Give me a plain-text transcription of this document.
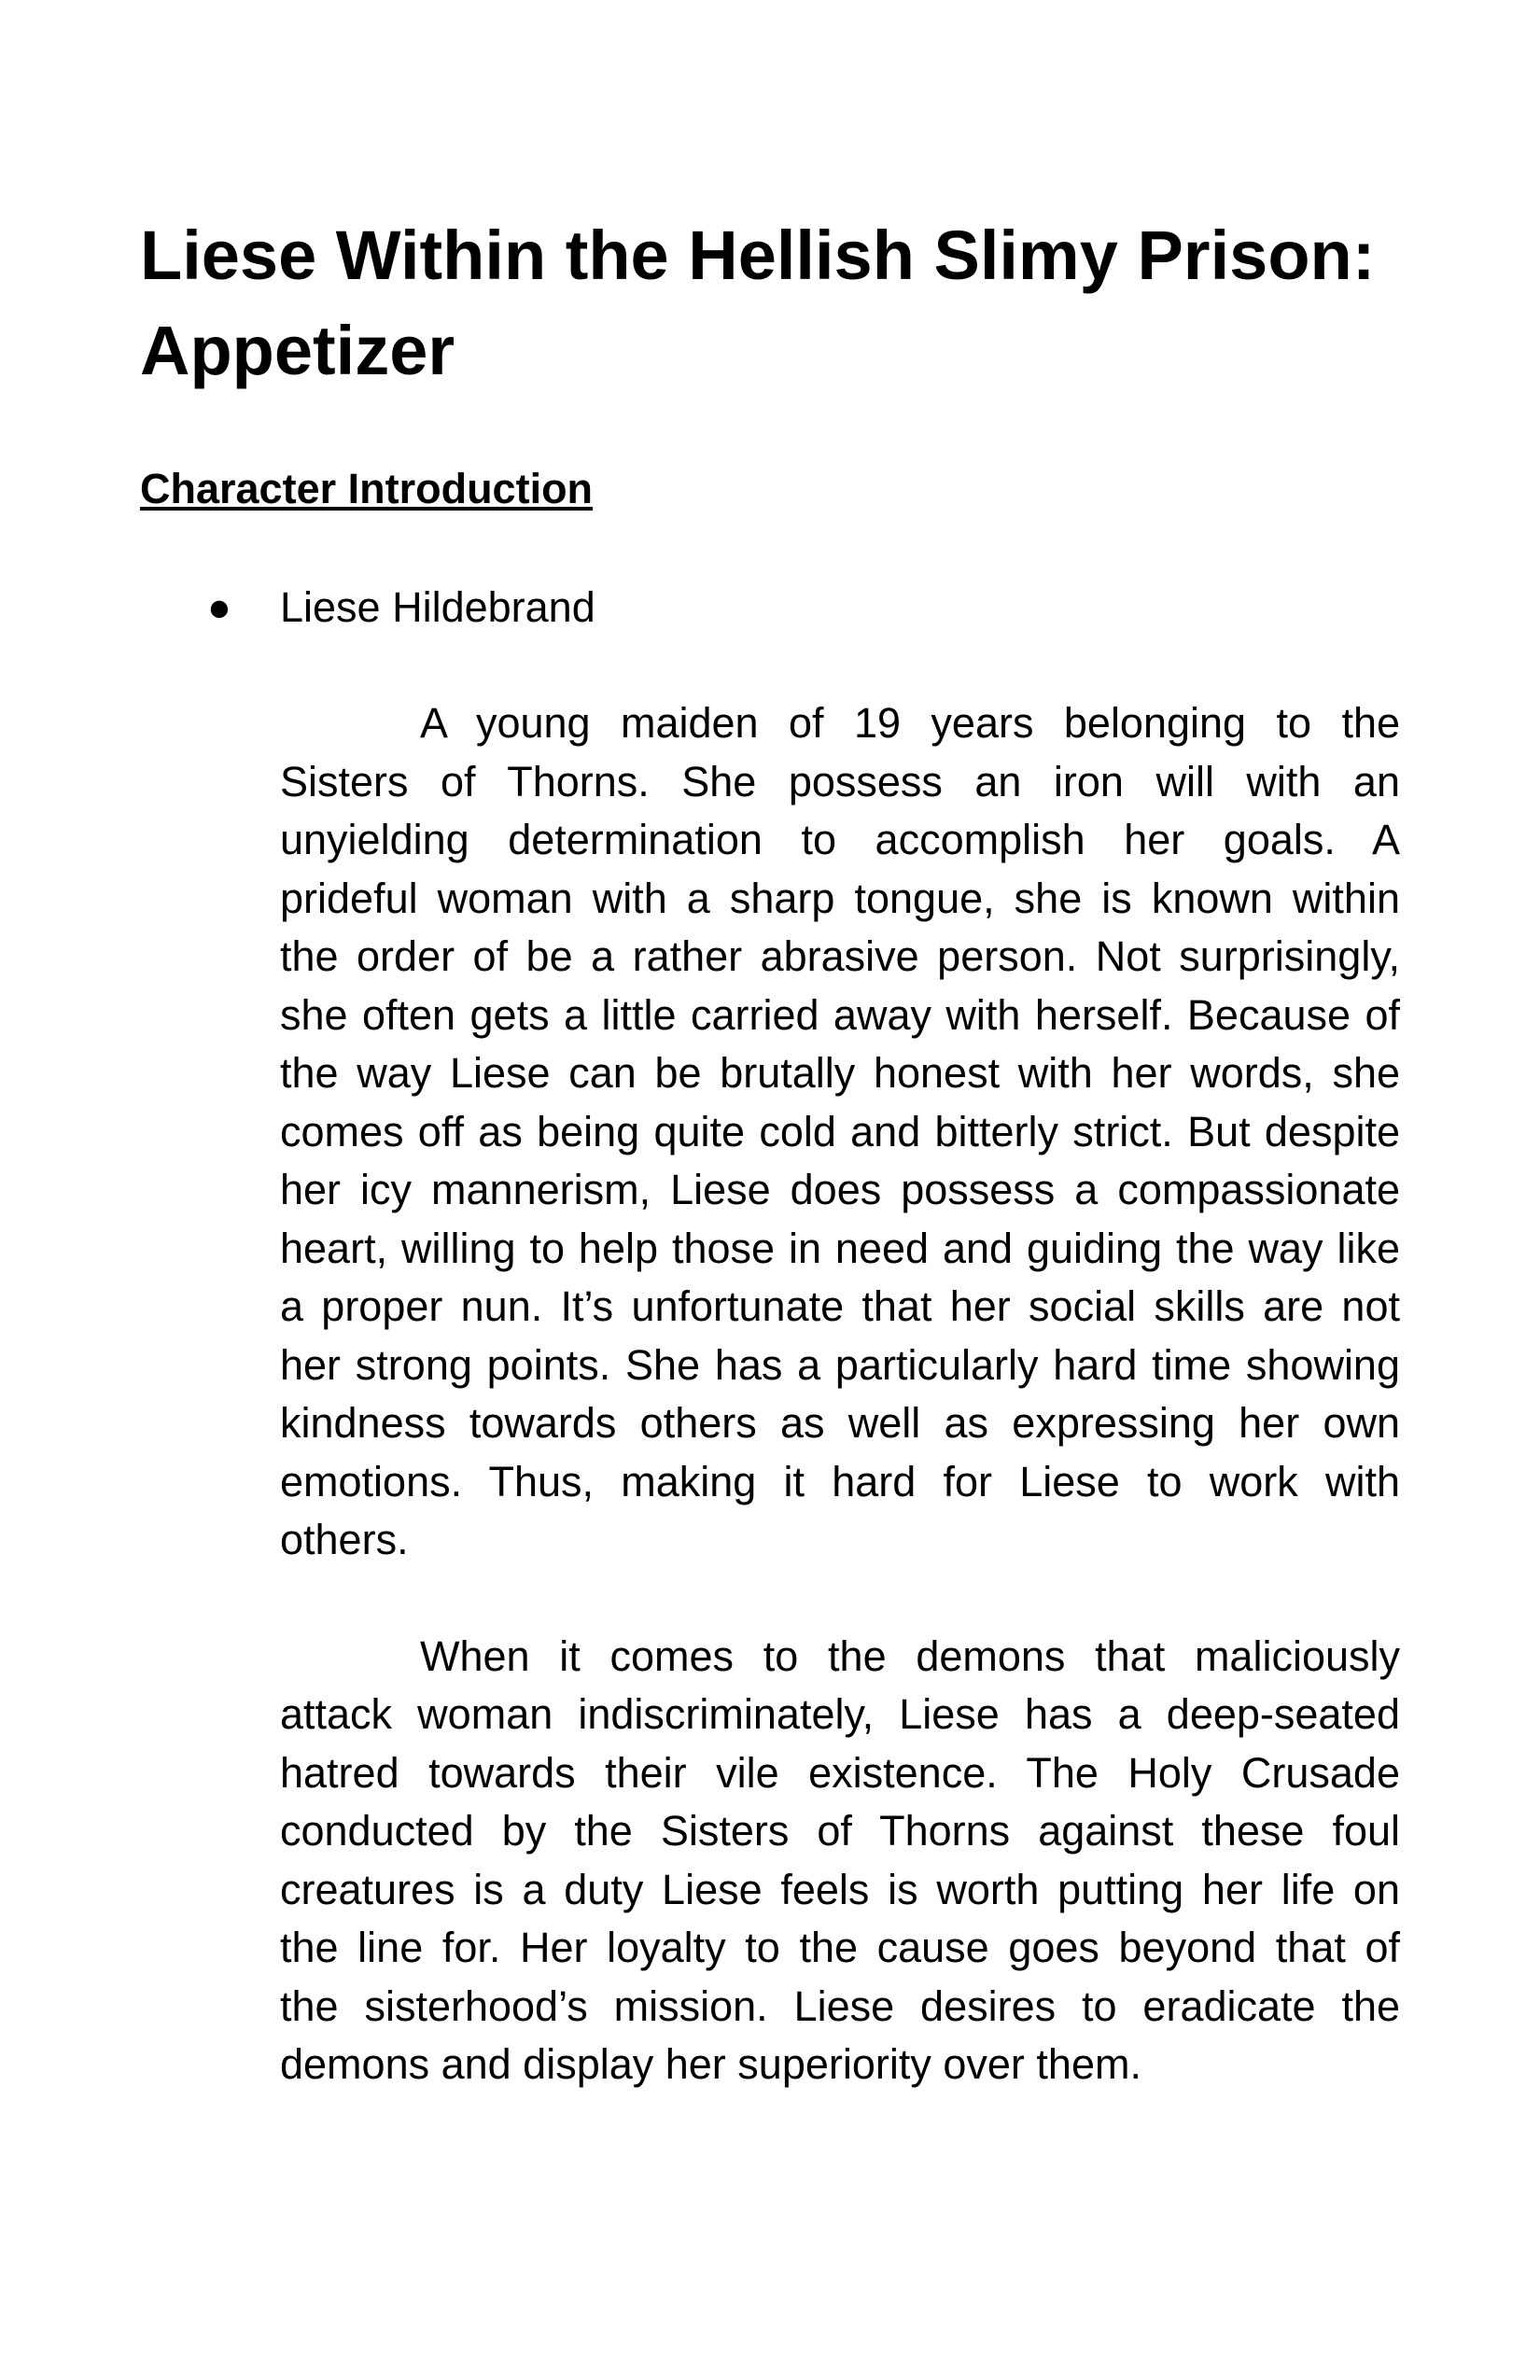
Liese Within the Hellish Slimy Prison:
Appetizer
Character Introduction
● Liese Hildebrand
A young maiden of 19 years belonging to the
Sisters of Thorns. She possess an iron will with an
unyielding determination to accomplish her goals. A
prideful woman with a sharp tongue, she is known within
the order of be a rather abrasive person. Not surprisingly,
she often gets a little carried away with herself. Because of
the way Liese can be brutally honest with her words, she
comes off as being quite cold and bitterly strict. But despite
her icy mannerism, Liese does possess a compassionate
heart, willing to help those in need and guiding the way like
a proper nun. It’s unfortunate that her social skills are not
her strong points. She has a particularly hard time showing
kindness towards others as well as expressing her own
emotions. Thus, making it hard for Liese to work with
others.
When it comes to the demons that maliciously
attack woman indiscriminately, Liese has a deep-seated
hatred towards their vile existence. The Holy Crusade
conducted by the Sisters of Thorns against these foul
creatures is a duty Liese feels is worth putting her life on
the line for. Her loyalty to the cause goes beyond that of
the sisterhood’s mission. Liese desires to eradicate the
demons and display her superiority over them.
